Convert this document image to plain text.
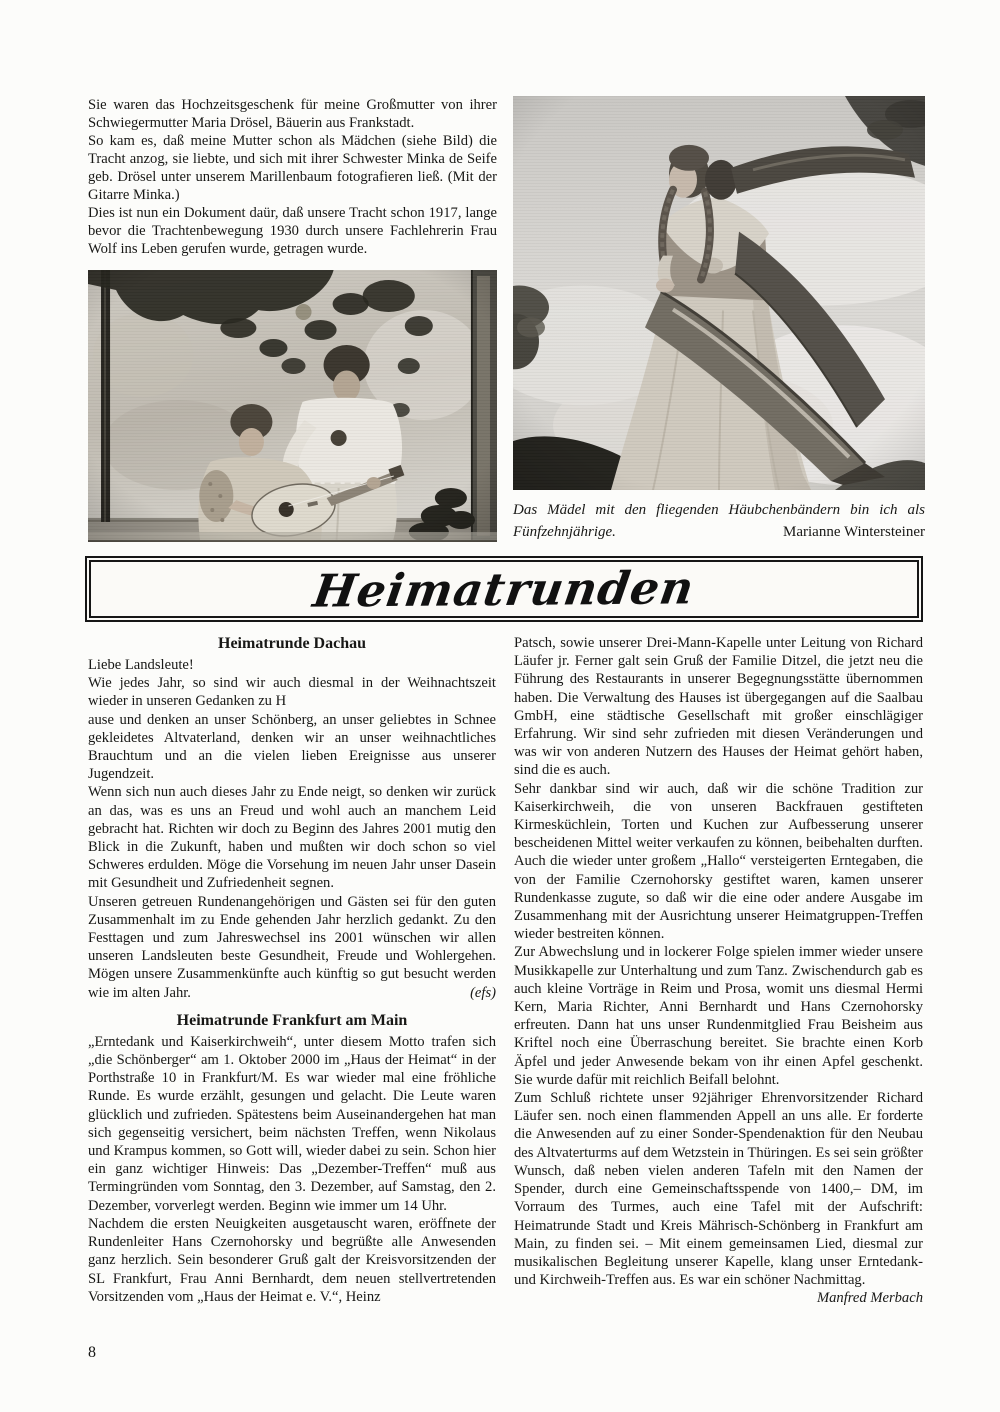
Sie waren das Hochzeitsgeschenk für meine Großmutter von ihrer Schwiegermutter Maria Drösel, Bäuerin aus Frankstadt.

So kam es, daß meine Mutter schon als Mädchen (siehe Bild) die Tracht anzog, sie liebte, und sich mit ihrer Schwester Minka de Seife geb. Drösel unter unserem Marillenbaum fotografieren ließ. (Mit der Gitarre Minka.)

Dies ist nun ein Dokument daür, daß unsere Tracht schon 1917, lange bevor die Trachtenbewegung 1930 durch unsere Fachlehrerin Frau Wolf ins Leben gerufen wurde, getragen wurde.

Das Mädel mit den fliegenden Häubchenbändern bin ich als
Fünfzehnjährige.	Marianne Wintersteiner
Heimatrunden
Heimatrunde Dachau

Liebe Landsleute!

Wie jedes Jahr, so sind wir auch diesmal in der Weihnachtszeit wieder in unseren Gedanken zu H

ause und denken an unser Schönberg, an unser geliebtes in Schnee gekleidetes Altvaterland, denken wir an unser weihnachtliches Brauchtum und an die vielen lieben Ereignisse aus unserer Jugendzeit.

Wenn sich nun auch dieses Jahr zu Ende neigt, so denken wir zurück an das, was es uns an Freud und wohl auch an manchem Leid gebracht hat. Richten wir doch zu Beginn des Jahres 2001 mutig den Blick in die Zukunft, haben und mußten wir doch schon so viel Schweres erdulden. Möge die Vorsehung im neuen Jahr unser Dasein mit Gesundheit und Zufriedenheit segnen.

Unseren getreuen Rundenangehörigen und Gästen sei für den guten Zusammenhalt im zu Ende gehenden Jahr herzlich gedankt. Zu den Festtagen und zum Jahreswechsel ins 2001 wünschen wir allen unseren Landsleuten beste Gesundheit, Freude und Wohlergehen. Mögen unsere Zusammenkünfte auch künftig so gut besucht werden wie im alten Jahr.	(efs)

Heimatrunde Frankfurt am Main

„Erntedank und Kaiserkirchweih“, unter diesem Motto trafen sich „die Schönberger“ am 1. Oktober 2000 im „Haus der Heimat“ in der Porthstraße 10 in Frankfurt/M. Es war wieder mal eine fröhliche Runde. Es wurde erzählt, gesungen und gelacht. Die Leute waren glücklich und zufrieden. Spätestens beim Auseinandergehen hat man sich gegenseitig versichert, beim nächsten Treffen, wenn Nikolaus und Krampus kommen, so Gott will, wieder dabei zu sein. Schon hier ein ganz wichtiger Hinweis: Das „Dezember-Treffen“ muß aus Termingründen vom Sonntag, den 3. Dezember, auf Samstag, den 2. Dezember, vorverlegt werden. Beginn wie immer um 14 Uhr.

Nachdem die ersten Neuigkeiten ausgetauscht waren, eröffnete der Rundenleiter Hans Czernohorsky und begrüßte alle Anwesenden ganz herzlich. Sein besonderer Gruß galt der Kreisvorsitzenden der SL Frankfurt, Frau Anni Bernhardt, dem neuen stellvertretenden Vorsitzenden vom „Haus der Heimat e. V.“, Heinz

Patsch, sowie unserer Drei-Mann-Kapelle unter Leitung von Richard Läufer jr. Ferner galt sein Gruß der Familie Ditzel, die jetzt neu die Führung des Restaurants in unserer Begegnungsstätte übernommen haben. Die Verwaltung des Hauses ist übergegangen auf die Saalbau GmbH, eine städtische Gesellschaft mit großer einschlägiger Erfahrung. Wir sind sehr zufrieden mit diesen Veränderungen und was wir von anderen Nutzern des Hauses der Heimat gehört haben, sind die es auch.

Sehr dankbar sind wir auch, daß wir die schöne Tradition zur Kaiserkirchweih, die von unseren Backfrauen gestifteten Kirmesküchlein, Torten und Kuchen zur Aufbesserung unserer bescheidenen Mittel weiter verkaufen zu können, beibehalten durften. Auch die wieder unter großem „Hallo“ versteigerten Erntegaben, die von der Familie Czernohorsky gestiftet waren, kamen unserer Rundenkasse zugute, so daß wir die eine oder andere Ausgabe im Zusammenhang mit der Ausrichtung unserer Heimatgruppen-Treffen wieder bestreiten können.

Zur Abwechslung und in lockerer Folge spielen immer wieder unsere Musikkapelle zur Unterhaltung und zum Tanz. Zwischendurch gab es auch kleine Vorträge in Reim und Prosa, womit uns diesmal Hermi Kern, Maria Richter, Anni Bernhardt und Hans Czernohorsky erfreuten. Dann hat uns unser Rundenmitglied Frau Beisheim aus Kriftel noch eine Überraschung bereitet. Sie brachte einen Korb Äpfel und jeder Anwesende bekam von ihr einen Apfel geschenkt. Sie wurde dafür mit reichlich Beifall belohnt.

Zum Schluß richtete unser 92jähriger Ehrenvorsitzender Richard Läufer sen. noch einen flammenden Appell an uns alle. Er forderte die Anwesenden auf zu einer Sonder-Spendenaktion für den Neubau des Altvaterturms auf dem Wetzstein in Thüringen. Es sei sein größter Wunsch, daß neben vielen anderen Tafeln mit den Namen der Spender, durch eine Gemeinschaftsspende von 1400,– DM, im Vorraum des Turmes, auch eine Tafel mit der Aufschrift: Heimatrunde Stadt und Kreis Mährisch-Schönberg in Frankfurt am Main, zu finden sei. – Mit einem gemeinsamen Lied, diesmal zur musikalischen Begleitung unserer Kapelle, klang unser Erntedank- und Kirchweih-Treffen aus. Es war ein schöner Nachmittag.
Manfred Merbach

8
